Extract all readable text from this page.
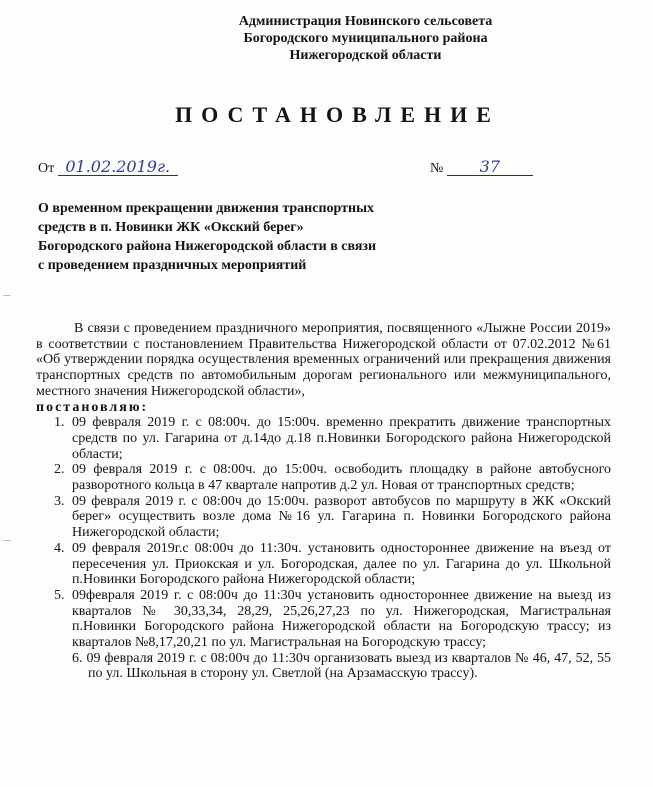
Администрация Новинского сельсовета
Богородского муниципального района
Нижегородской области
ПОСТАНОВЛЕНИЕ
От 01.02.2019г.	№ 37
О временном прекращении движения транспортных средств в п. Новинки ЖК «Окский берег» Богородского района Нижегородской области в связи с проведением праздничных мероприятий

В связи с проведением праздничного мероприятия, посвященного «Лыжне России 2019» в соответствии с постановлением Правительства Нижегородской области от 07.02.2012 №61 «Об утверждении порядка осуществления временных ограничений или прекращения движения транспортных средств по автомобильным дорогам регионального или межмуниципального, местного значения Нижегородской области»,

постановляю:
1. 09 февраля 2019 г. с 08:00ч. до 15:00ч. временно прекратить движение транспортных средств по ул. Гагарина от д.14до д.18 п.Новинки Богородского района Нижегородской области;
2. 09 февраля 2019 г. с 08:00ч. до 15:00ч. освободить площадку в районе автобусного разворотного кольца в 47 квартале напротив д.2 ул. Новая от транспортных средств;
3. 09 февраля 2019 г. с 08:00ч до 15:00ч. разворот автобусов по маршруту в ЖК «Окский берег» осуществить возле дома №16 ул. Гагарина п. Новинки Богородского района Нижегородской области;
4. 09 февраля 2019г.с 08:00ч до 11:30ч. установить одностороннее движение на въезд от пересечения ул. Приокская и ул. Богородская, далее по ул. Гагарина до ул. Школьной п.Новинки Богородского района Нижегородской области;
5. 09февраля 2019 г. с 08:00ч до 11:30ч установить одностороннее движение на выезд из кварталов № 30,33,34, 28,29, 25,26,27,23 по ул. Нижегородская, Магистральная п.Новинки Богородского района Нижегородской области на Богородскую трассу; из кварталов №8,17,20,21 по ул. Магистральная на Богородскую трассу;
6. 09 февраля 2019 г. с 08:00ч до 11:30ч организовать выезд из кварталов № 46, 47, 52, 55 по ул. Школьная в сторону ул. Светлой (на Арзамасскую трассу).
